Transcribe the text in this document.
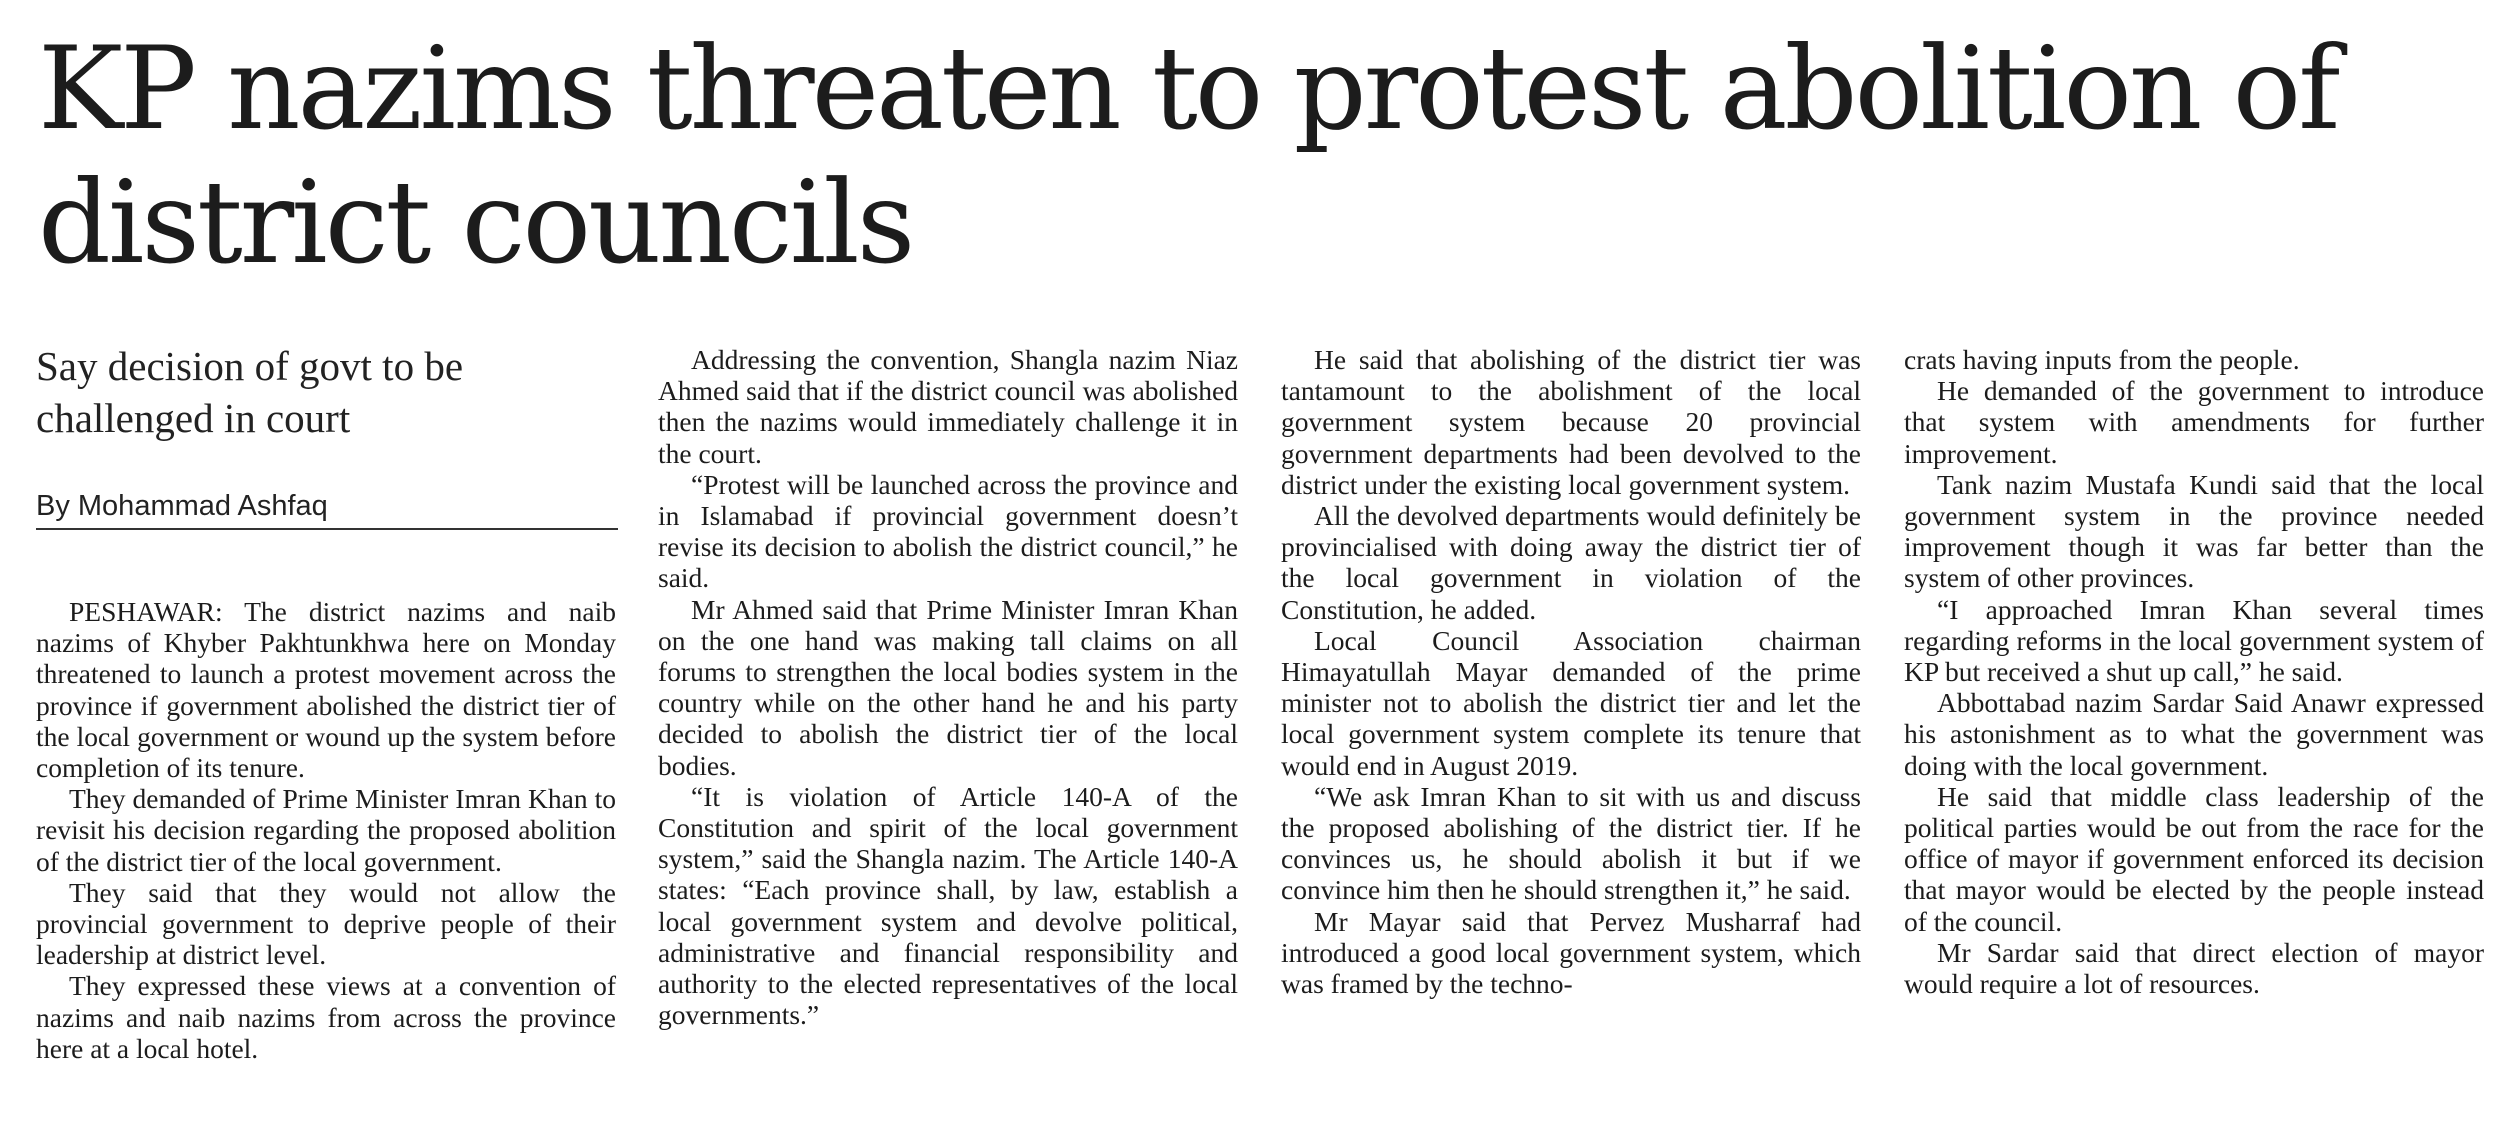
KP nazims threaten to protest abolition of district councils
Say decision of govt to be challenged in court
By Mohammad Ashfaq

PESHAWAR: The district nazims and naib nazims of Khyber Pakhtunkhwa here on Monday threatened to launch a protest movement across the province if government abolished the district tier of the local government or wound up the system before completion of its tenure.

They demanded of Prime Minister Imran Khan to revisit his decision regarding the proposed abolition of the district tier of the local government.

They said that they would not allow the provincial government to deprive people of their leadership at district level.

They expressed these views at a convention of nazims and naib nazims from across the province here at a local hotel.

Addressing the convention, Shangla nazim Niaz Ahmed said that if the district council was abolished then the nazims would immediately challenge it in the court.

“Protest will be launched across the province and in Islamabad if provincial government doesn’t revise its decision to abolish the district council,” he said.

Mr Ahmed said that Prime Minister Imran Khan on the one hand was making tall claims on all forums to strengthen the local bodies system in the country while on the other hand he and his party decided to abolish the district tier of the local bodies.

“It is violation of Article 140-A of the Constitution and spirit of the local government system,” said the Shangla nazim. The Article 140-A states: “Each province shall, by law, establish a local government system and devolve political, administrative and financial responsibility and authority to the elected representatives of the local governments.”

He said that abolishing of the district tier was tantamount to the abolishment of the local government system because 20 provincial government departments had been devolved to the district under the existing local government system.

All the devolved departments would definitely be provincialised with doing away the district tier of the local government in violation of the Constitution, he added.

Local Council Association chairman Himayatullah Mayar demanded of the prime minister not to abolish the district tier and let the local government system complete its tenure that would end in August 2019.

“We ask Imran Khan to sit with us and discuss the proposed abolishing of the district tier. If he convinces us, he should abolish it but if we convince him then he should strengthen it,” he said.

Mr Mayar said that Pervez Musharraf had introduced a good local government system, which was framed by the techno-

crats having inputs from the people.

He demanded of the government to introduce that system with amendments for further improvement.

Tank nazim Mustafa Kundi said that the local government system in the province needed improvement though it was far better than the system of other provinces.

“I approached Imran Khan several times regarding reforms in the local government system of KP but received a shut up call,” he said.

Abbottabad nazim Sardar Said Anawr expressed his astonishment as to what the government was doing with the local government.

He said that middle class leadership of the political parties would be out from the race for the office of mayor if government enforced its decision that mayor would be elected by the people instead of the council.

Mr Sardar said that direct election of mayor would require a lot of resources.
